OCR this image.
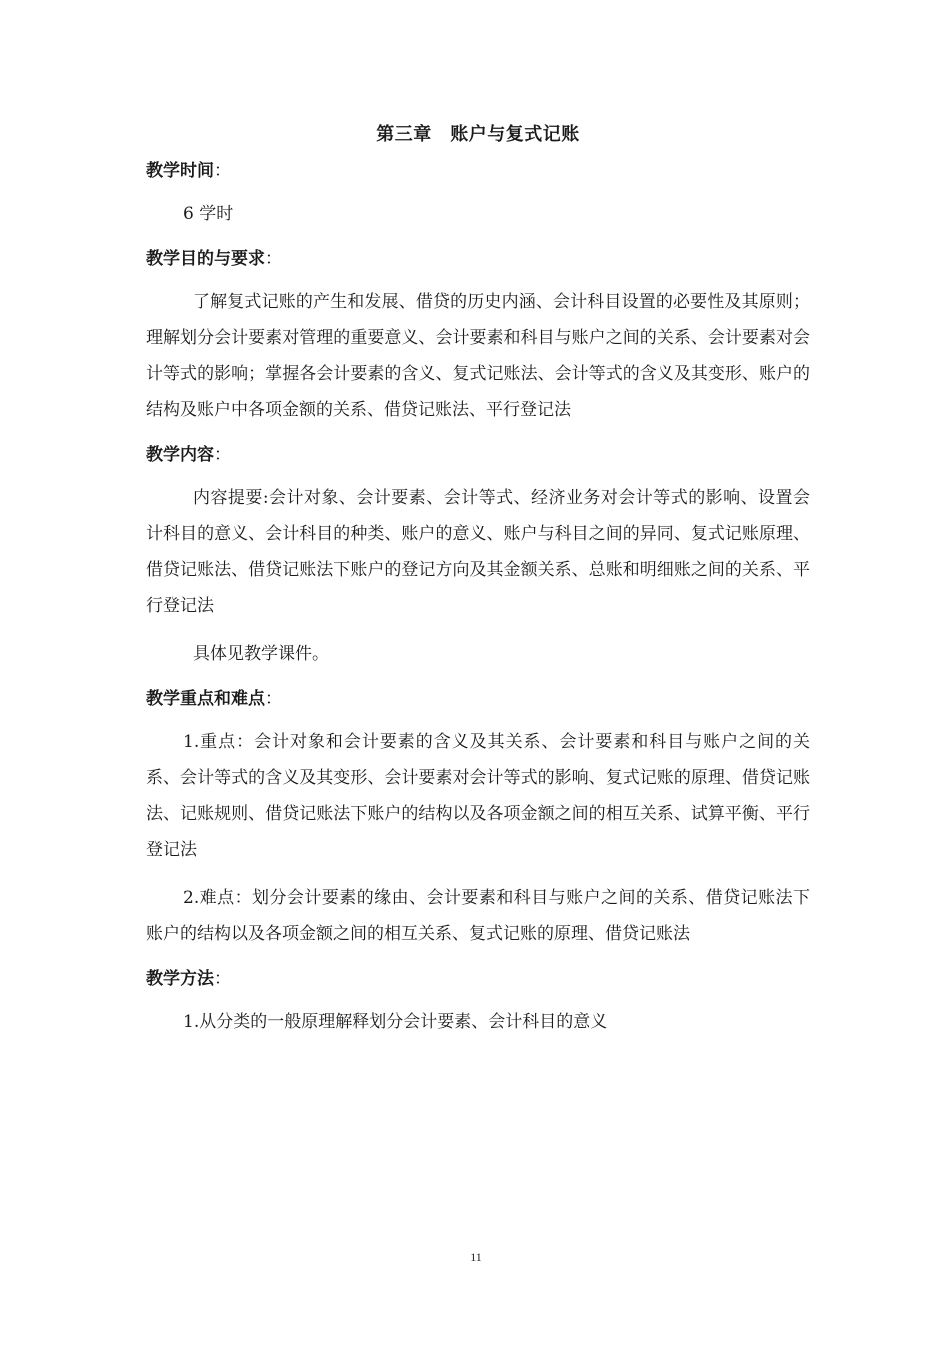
第三章　账户与复式记账

教学时间：

6 学时

教学目的与要求：

了解复式记账的产生和发展、借贷的历史内涵、会计科目设置的必要性及其原则；理解划分会计要素对管理的重要意义、会计要素和科目与账户之间的关系、会计要素对会计等式的影响；掌握各会计要素的含义、复式记账法、会计等式的含义及其变形、账户的结构及账户中各项金额的关系、借贷记账法、平行登记法

教学内容：

内容提要:会计对象、会计要素、会计等式、经济业务对会计等式的影响、设置会计科目的意义、会计科目的种类、账户的意义、账户与科目之间的异同、复式记账原理、借贷记账法、借贷记账法下账户的登记方向及其金额关系、总账和明细账之间的关系、平行登记法

具体见教学课件。

教学重点和难点：

1.重点：会计对象和会计要素的含义及其关系、会计要素和科目与账户之间的关系、会计等式的含义及其变形、会计要素对会计等式的影响、复式记账的原理、借贷记账法、记账规则、借贷记账法下账户的结构以及各项金额之间的相互关系、试算平衡、平行登记法

2.难点：划分会计要素的缘由、会计要素和科目与账户之间的关系、借贷记账法下账户的结构以及各项金额之间的相互关系、复式记账的原理、借贷记账法

教学方法：

1.从分类的一般原理解释划分会计要素、会计科目的意义

11
